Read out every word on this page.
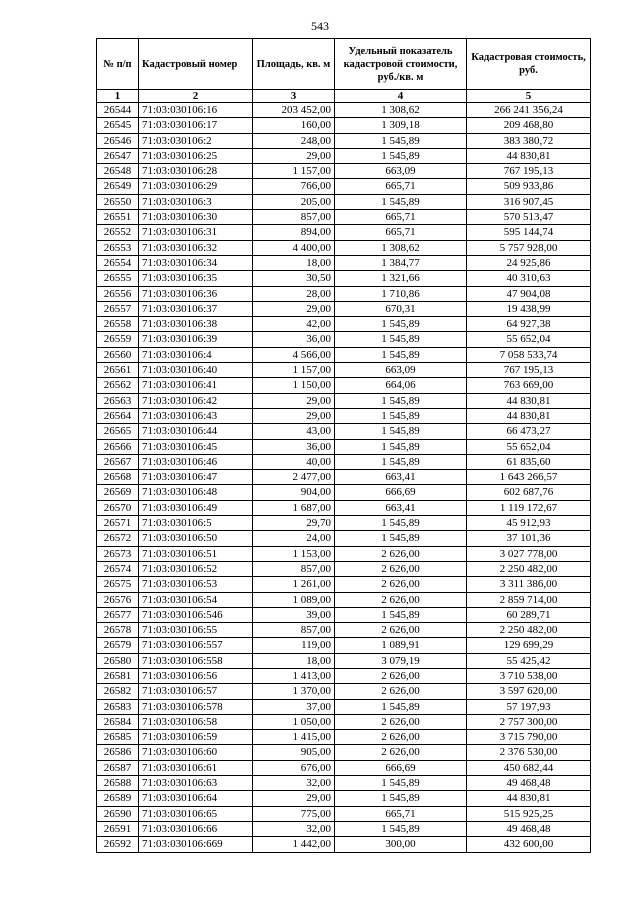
543
№ п/п	Кадастровый номер	Площадь, кв. м	Удельный показатель кадастровой стоимости, руб./кв. м	Кадастровая стоимость, руб.
1	2	3	4	5
26544	71:03:030106:16	203 452,00	1 308,62	266 241 356,24
26545	71:03:030106:17	160,00	1 309,18	209 468,80
26546	71:03:030106:2	248,00	1 545,89	383 380,72
26547	71:03:030106:25	29,00	1 545,89	44 830,81
26548	71:03:030106:28	1 157,00	663,09	767 195,13
26549	71:03:030106:29	766,00	665,71	509 933,86
26550	71:03:030106:3	205,00	1 545,89	316 907,45
26551	71:03:030106:30	857,00	665,71	570 513,47
26552	71:03:030106:31	894,00	665,71	595 144,74
26553	71:03:030106:32	4 400,00	1 308,62	5 757 928,00
26554	71:03:030106:34	18,00	1 384,77	24 925,86
26555	71:03:030106:35	30,50	1 321,66	40 310,63
26556	71:03:030106:36	28,00	1 710,86	47 904,08
26557	71:03:030106:37	29,00	670,31	19 438,99
26558	71:03:030106:38	42,00	1 545,89	64 927,38
26559	71:03:030106:39	36,00	1 545,89	55 652,04
26560	71:03:030106:4	4 566,00	1 545,89	7 058 533,74
26561	71:03:030106:40	1 157,00	663,09	767 195,13
26562	71:03:030106:41	1 150,00	664,06	763 669,00
26563	71:03:030106:42	29,00	1 545,89	44 830,81
26564	71:03:030106:43	29,00	1 545,89	44 830,81
26565	71:03:030106:44	43,00	1 545,89	66 473,27
26566	71:03:030106:45	36,00	1 545,89	55 652,04
26567	71:03:030106:46	40,00	1 545,89	61 835,60
26568	71:03:030106:47	2 477,00	663,41	1 643 266,57
26569	71:03:030106:48	904,00	666,69	602 687,76
26570	71:03:030106:49	1 687,00	663,41	1 119 172,67
26571	71:03:030106:5	29,70	1 545,89	45 912,93
26572	71:03:030106:50	24,00	1 545,89	37 101,36
26573	71:03:030106:51	1 153,00	2 626,00	3 027 778,00
26574	71:03:030106:52	857,00	2 626,00	2 250 482,00
26575	71:03:030106:53	1 261,00	2 626,00	3 311 386,00
26576	71:03:030106:54	1 089,00	2 626,00	2 859 714,00
26577	71:03:030106:546	39,00	1 545,89	60 289,71
26578	71:03:030106:55	857,00	2 626,00	2 250 482,00
26579	71:03:030106:557	119,00	1 089,91	129 699,29
26580	71:03:030106:558	18,00	3 079,19	55 425,42
26581	71:03:030106:56	1 413,00	2 626,00	3 710 538,00
26582	71:03:030106:57	1 370,00	2 626,00	3 597 620,00
26583	71:03:030106:578	37,00	1 545,89	57 197,93
26584	71:03:030106:58	1 050,00	2 626,00	2 757 300,00
26585	71:03:030106:59	1 415,00	2 626,00	3 715 790,00
26586	71:03:030106:60	905,00	2 626,00	2 376 530,00
26587	71:03:030106:61	676,00	666,69	450 682,44
26588	71:03:030106:63	32,00	1 545,89	49 468,48
26589	71:03:030106:64	29,00	1 545,89	44 830,81
26590	71:03:030106:65	775,00	665,71	515 925,25
26591	71:03:030106:66	32,00	1 545,89	49 468,48
26592	71:03:030106:669	1 442,00	300,00	432 600,00
